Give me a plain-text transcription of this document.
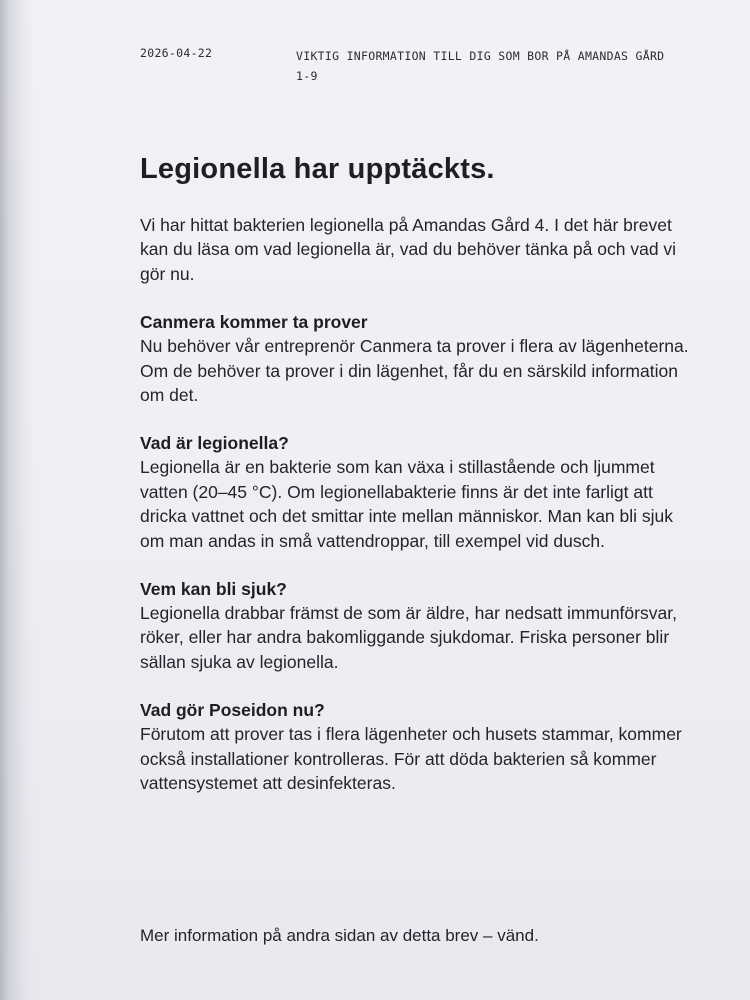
2026-04-22	VIKTIG INFORMATION TILL DIG SOM BOR PÅ AMANDAS GÅRD 1-9
Legionella har upptäckts.

Vi har hittat bakterien legionella på Amandas Gård 4. I det här brevet kan du läsa om vad legionella är, vad du behöver tänka på och vad vi gör nu.

Canmera kommer ta prover

Nu behöver vår entreprenör Canmera ta prover i flera av lägenheterna. Om de behöver ta prover i din lägenhet, får du en särskild information om det.

Vad är legionella?

Legionella är en bakterie som kan växa i stillastående och ljummet vatten (20–45 °C). Om legionellabakterie finns är det inte farligt att dricka vattnet och det smittar inte mellan människor. Man kan bli sjuk om man andas in små vattendroppar, till exempel vid dusch.

Vem kan bli sjuk?

Legionella drabbar främst de som är äldre, har nedsatt immunförsvar, röker, eller har andra bakomliggande sjukdomar. Friska personer blir sällan sjuka av legionella.

Vad gör Poseidon nu?

Förutom att prover tas i flera lägenheter och husets stammar, kommer också installationer kontrolleras. För att döda bakterien så kommer vattensystemet att desinfekteras.

Mer information på andra sidan av detta brev – vänd.
